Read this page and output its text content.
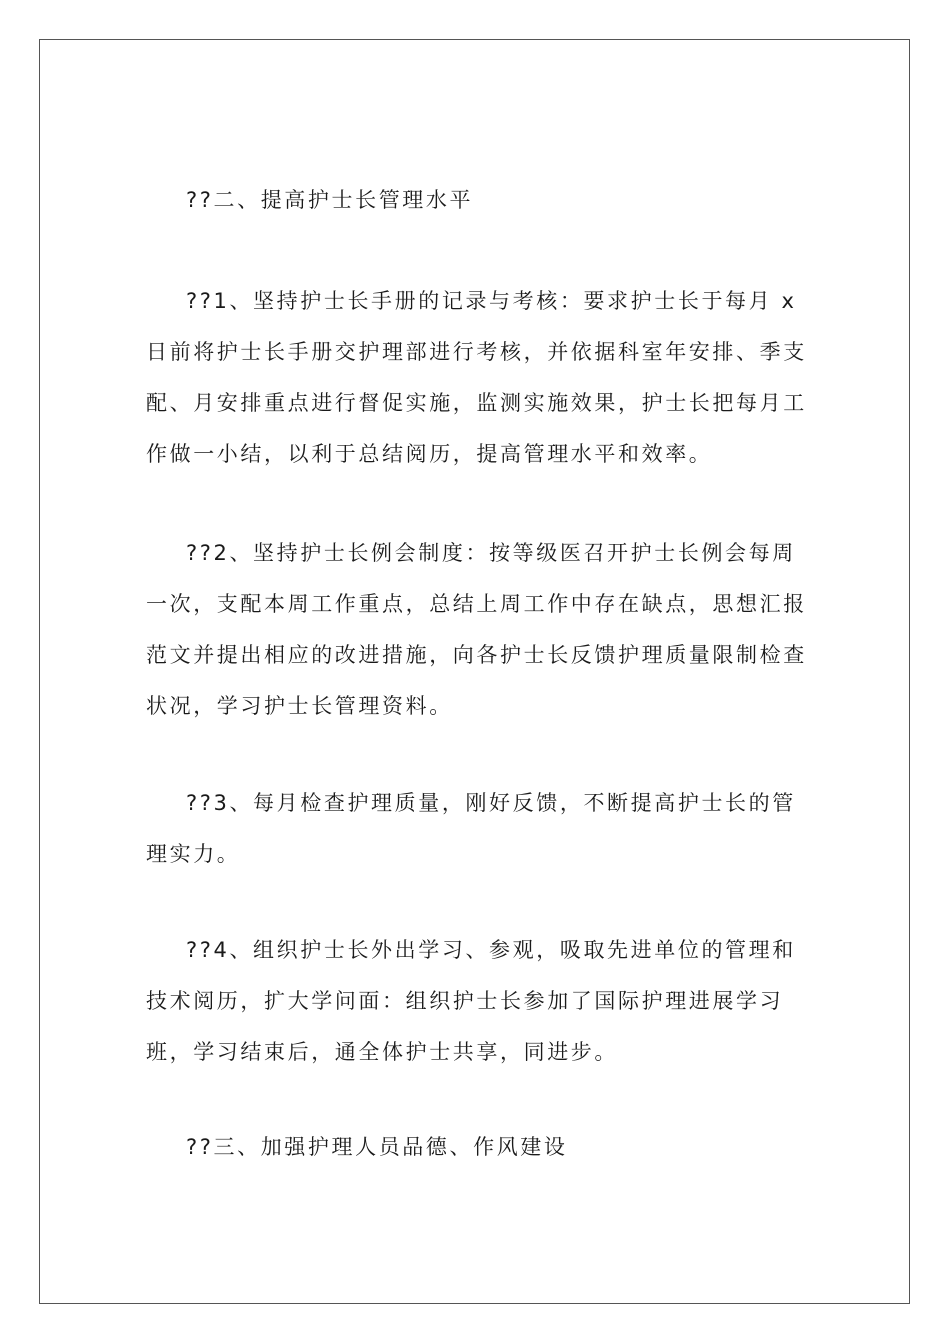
??二、提高护士长管理水平
??1、坚持护士长手册的记录与考核：要求护士长于每月 x 日前将护士长手册交护理部进行考核，并依据科室年安排、季支配、月安排重点进行督促实施，监测实施效果，护士长把每月工作做一小结，以利于总结阅历，提高管理水平和效率。
??2、坚持护士长例会制度：按等级医召开护士长例会每周一次，支配本周工作重点，总结上周工作中存在缺点，思想汇报范文并提出相应的改进措施，向各护士长反馈护理质量限制检查状况，学习护士长管理资料。
??3、每月检查护理质量，刚好反馈，不断提高护士长的管理实力。
??4、组织护士长外出学习、参观，吸取先进单位的管理和技术阅历，扩大学问面：组织护士长参加了国际护理进展学习班，学习结束后，通全体护士共享，同进步。
??三、加强护理人员品德、作风建设
